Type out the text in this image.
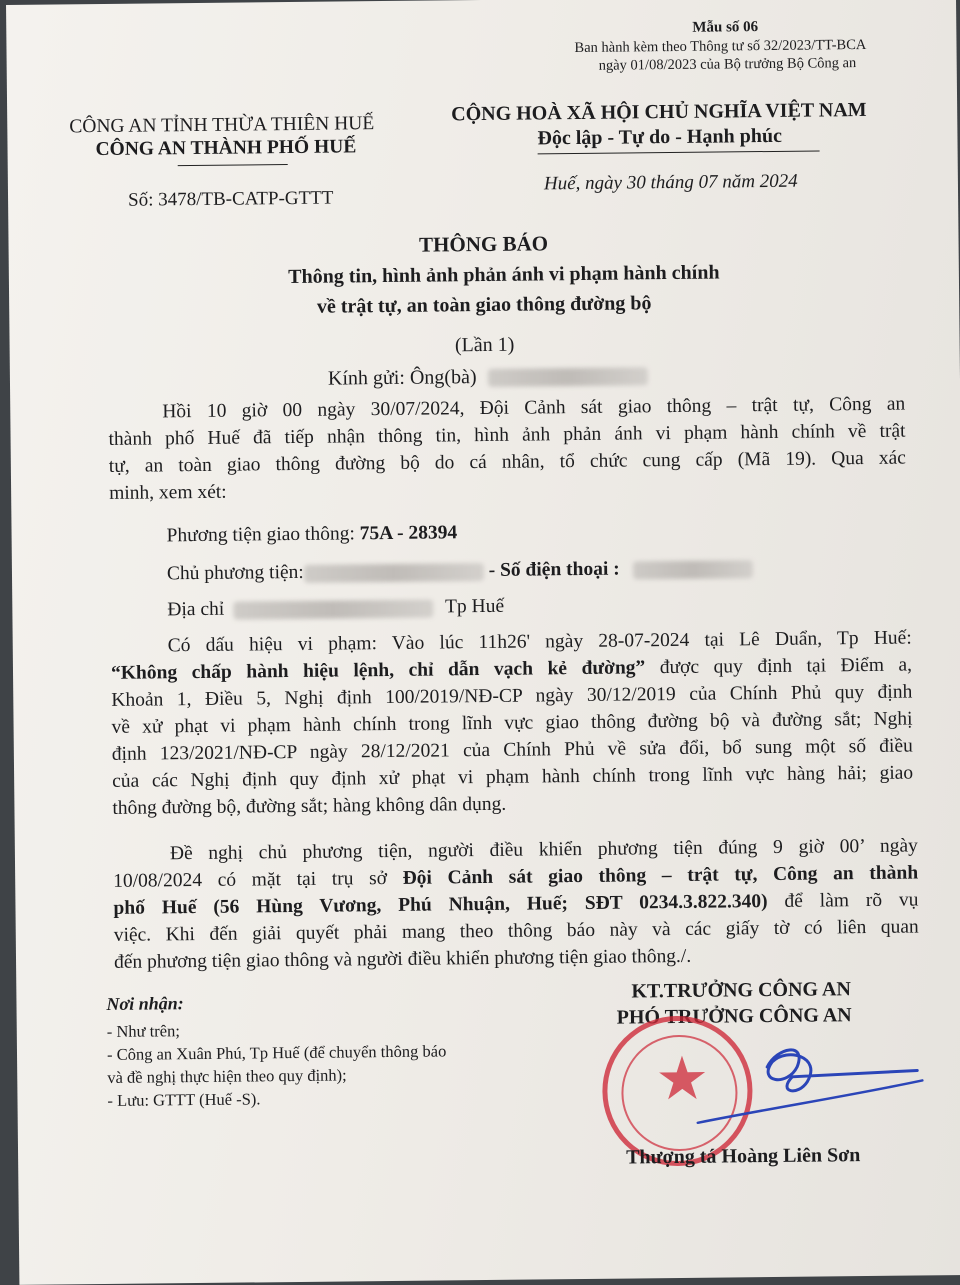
Mẫu số 06
Ban hành kèm theo Thông tư số 32/2023/TT-BCA
ngày 01/08/2023 của Bộ trưởng Bộ Công an
CÔNG AN TỈNH THỪA THIÊN HUẾ
CÔNG AN THÀNH PHỐ HUẾ
Số: 3478/TB-CATP-GTTT
CỘNG HOÀ XÃ HỘI CHỦ NGHĨA VIỆT NAM
Độc lập - Tự do - Hạnh phúc
Huế, ngày 30 tháng 07 năm 2024
THÔNG BÁO
Thông tin, hình ảnh phản ánh vi phạm hành chính
về trật tự, an toàn giao thông đường bộ
(Lần 1)
Kính gửi: Ông(bà)
Hồi 10 giờ 00 ngày 30/07/2024, Đội Cảnh sát giao thông – trật tự, Công an
thành phố Huế đã tiếp nhận thông tin, hình ảnh phản ánh vi phạm hành chính về trật
tự, an toàn giao thông đường bộ do cá nhân, tổ chức cung cấp (Mã 19). Qua xác
minh, xem xét:
Phương tiện giao thông: 75A - 28394
Chủ phương tiện:	- Số điện thoại :
Địa chỉ	Tp Huế
Có dấu hiệu vi phạm: Vào lúc 11h26' ngày 28-07-2024 tại Lê Duẩn, Tp Huế:
“Không chấp hành hiệu lệnh, chỉ dẫn vạch kẻ đường” được quy định tại Điểm a,
Khoản 1, Điều 5, Nghị định 100/2019/NĐ-CP ngày 30/12/2019 của Chính Phủ quy định
về xử phạt vi phạm hành chính trong lĩnh vực giao thông đường bộ và đường sắt; Nghị
định 123/2021/NĐ-CP ngày 28/12/2021 của Chính Phủ về sửa đổi, bổ sung một số điều
của các Nghị định quy định xử phạt vi phạm hành chính trong lĩnh vực hàng hải; giao
thông đường bộ, đường sắt; hàng không dân dụng.
Đề nghị chủ phương tiện, người điều khiển phương tiện đúng 9 giờ 00’ ngày
10/08/2024 có mặt tại trụ sở Đội Cảnh sát giao thông – trật tự, Công an thành
phố Huế (56 Hùng Vương, Phú Nhuận, Huế; SĐT 0234.3.822.340) để làm rõ vụ
việc. Khi đến giải quyết phải mang theo thông báo này và các giấy tờ có liên quan
đến phương tiện giao thông và người điều khiển phương tiện giao thông./.
Nơi nhận:
- Như trên;
- Công an Xuân Phú, Tp Huế (để chuyển thông báo
và đề nghị thực hiện theo quy định);
- Lưu: GTTT (Huế -S).
KT.TRƯỞNG CÔNG AN
PHÓ TRƯỞNG CÔNG AN
★
Thượng tá Hoàng Liên Sơn
